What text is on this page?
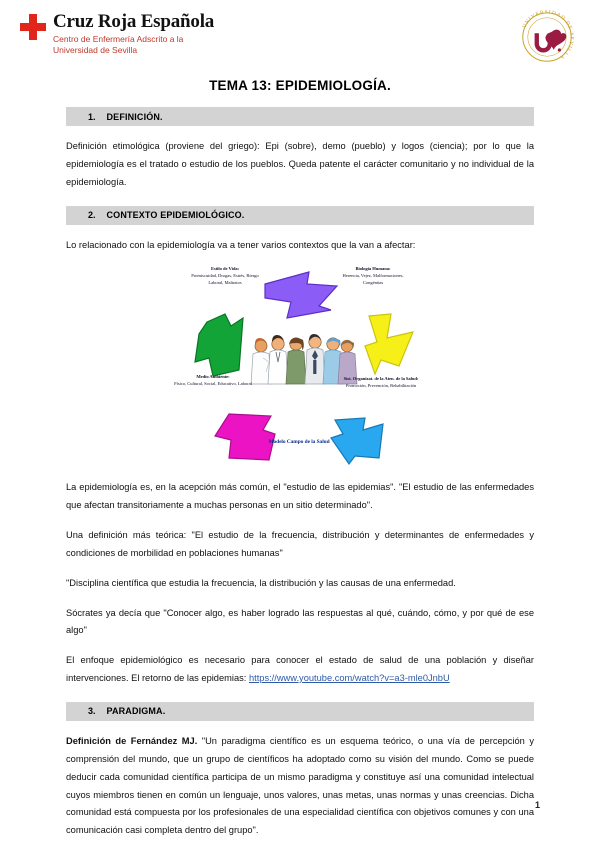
Cruz Roja Española
Centro de Enfermería Adscrito a la
Universidad de Sevilla
UNIVERSIDAD DE SEVILLA
TEMA 13: EPIDEMIOLOGÍA.
1. DEFINICIÓN.

Definición etimológica (proviene del griego): Epi (sobre), demo (pueblo) y logos (ciencia); por lo que la epidemiología es el tratado o estudio de los pueblos. Queda patente el carácter comunitario y no individual de la epidemiología.

2. CONTEXTO EPIDEMIOLÓGICO.

Lo relacionado con la epidemiología va a tener varios contextos que la van a afectar:

Estilo de Vida:
Promiscuidad, Drogas, Estrés, Riesgo Laboral, Maltratos
Biología Humana:
Herencia, Vejez, Malformaciones, Congénitas
Medio Ambiente:
Físico, Cultural, Social, Educativo, Laboral
Sist. Organizat. de la Aten. de la Salud:
Promoción, Prevención, Rehabilitación
Modelo Campo de la Salud

La epidemiología es, en la acepción más común, el "estudio de las epidemias". "El estudio de las enfermedades que afectan transitoriamente a muchas personas en un sitio determinado".

Una definición más teórica: "El estudio de la frecuencia, distribución y determinantes de enfermedades y condiciones de morbilidad en poblaciones humanas"

"Disciplina científica que estudia la frecuencia, la distribución y las causas de una enfermedad.

Sócrates ya decía que "Conocer algo, es haber logrado las respuestas al qué, cuándo, cómo, y por qué de ese algo"

El enfoque epidemiológico es necesario para conocer el estado de salud de una población y diseñar intervenciones. El retorno de las epidemias: https://www.youtube.com/watch?v=a3-mle0JnbU

3. PARADIGMA.

Definición de Fernández MJ. "Un paradigma científico es un esquema teórico, o una vía de percepción y comprensión del mundo, que un grupo de científicos ha adoptado como su visión del mundo. Como se puede deducir cada comunidad científica participa de un mismo paradigma y constituye así una comunidad intelectual cuyos miembros tienen en común un lenguaje, unos valores, unas metas, unas normas y unas creencias. Dicha comunidad está compuesta por los profesionales de una especialidad científica con objetivos comunes y con una comunicación casi completa dentro del grupo".

1
